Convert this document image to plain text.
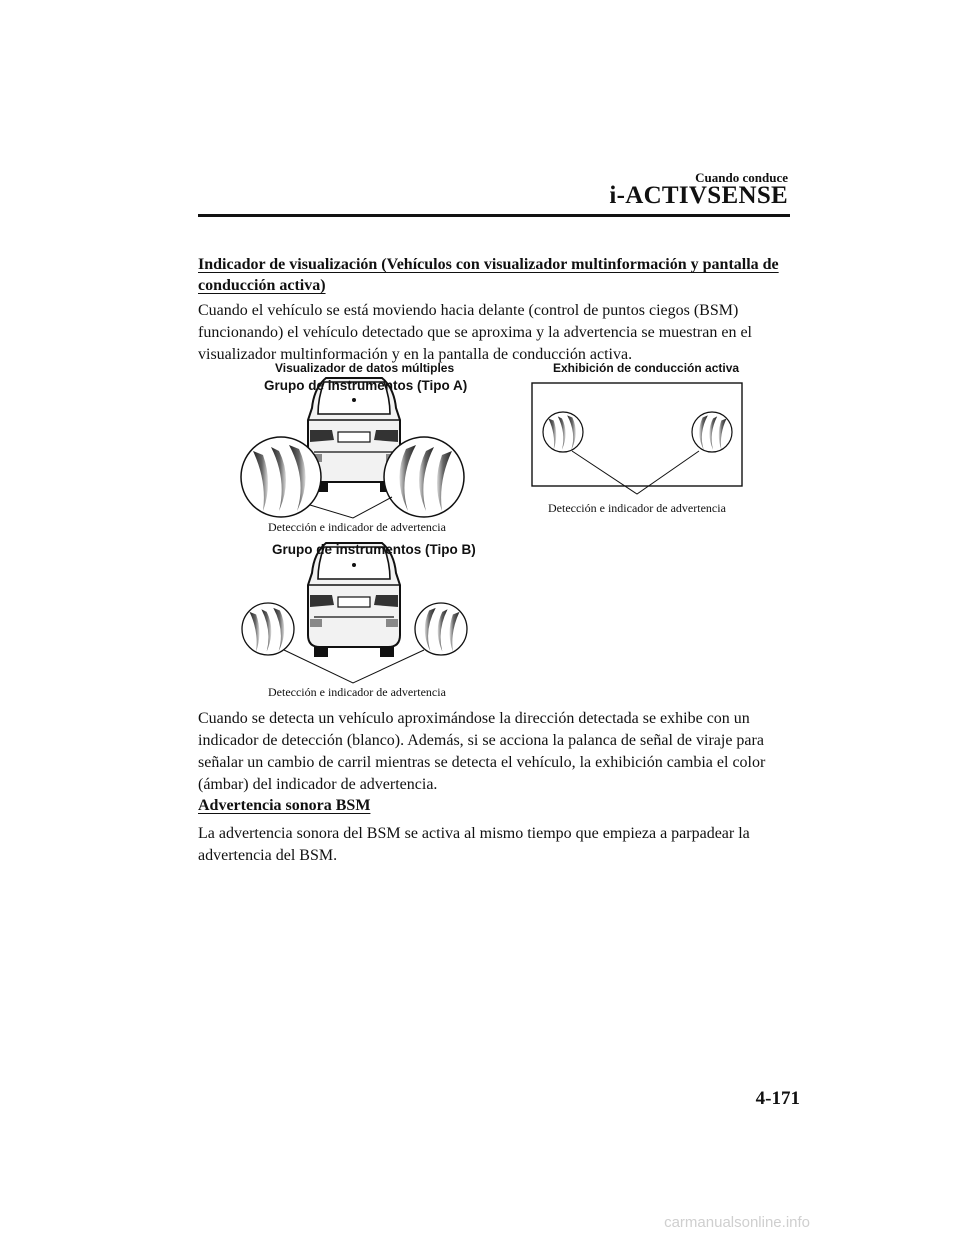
Cuando conduce
i-ACTIVSENSE
Indicador de visualización (Vehículos con visualizador multinformación y pantalla de
conducción activa)
Cuando el vehículo se está moviendo hacia delante (control de puntos ciegos (BSM)
funcionando) el vehículo detectado que se aproxima y la advertencia se muestran en el
visualizador multinformación y en la pantalla de conducción activa.
Visualizador de datos múltiples	Exhibición de conducción activa
Grupo de instrumentos (Tipo A)
Grupo de instrumentos (Tipo B)
Detección e indicador de advertencia
Detección e indicador de advertencia
Detección e indicador de advertencia
Cuando se detecta un vehículo aproximándose la dirección detectada se exhibe con un
indicador de detección (blanco). Además, si se acciona la palanca de señal de viraje para
señalar un cambio de carril mientras se detecta el vehículo, la exhibición cambia el color
(ámbar) del indicador de advertencia.
Advertencia sonora BSM
La advertencia sonora del BSM se activa al mismo tiempo que empieza a parpadear la
advertencia del BSM.
4-171
carmanualsonline.info
